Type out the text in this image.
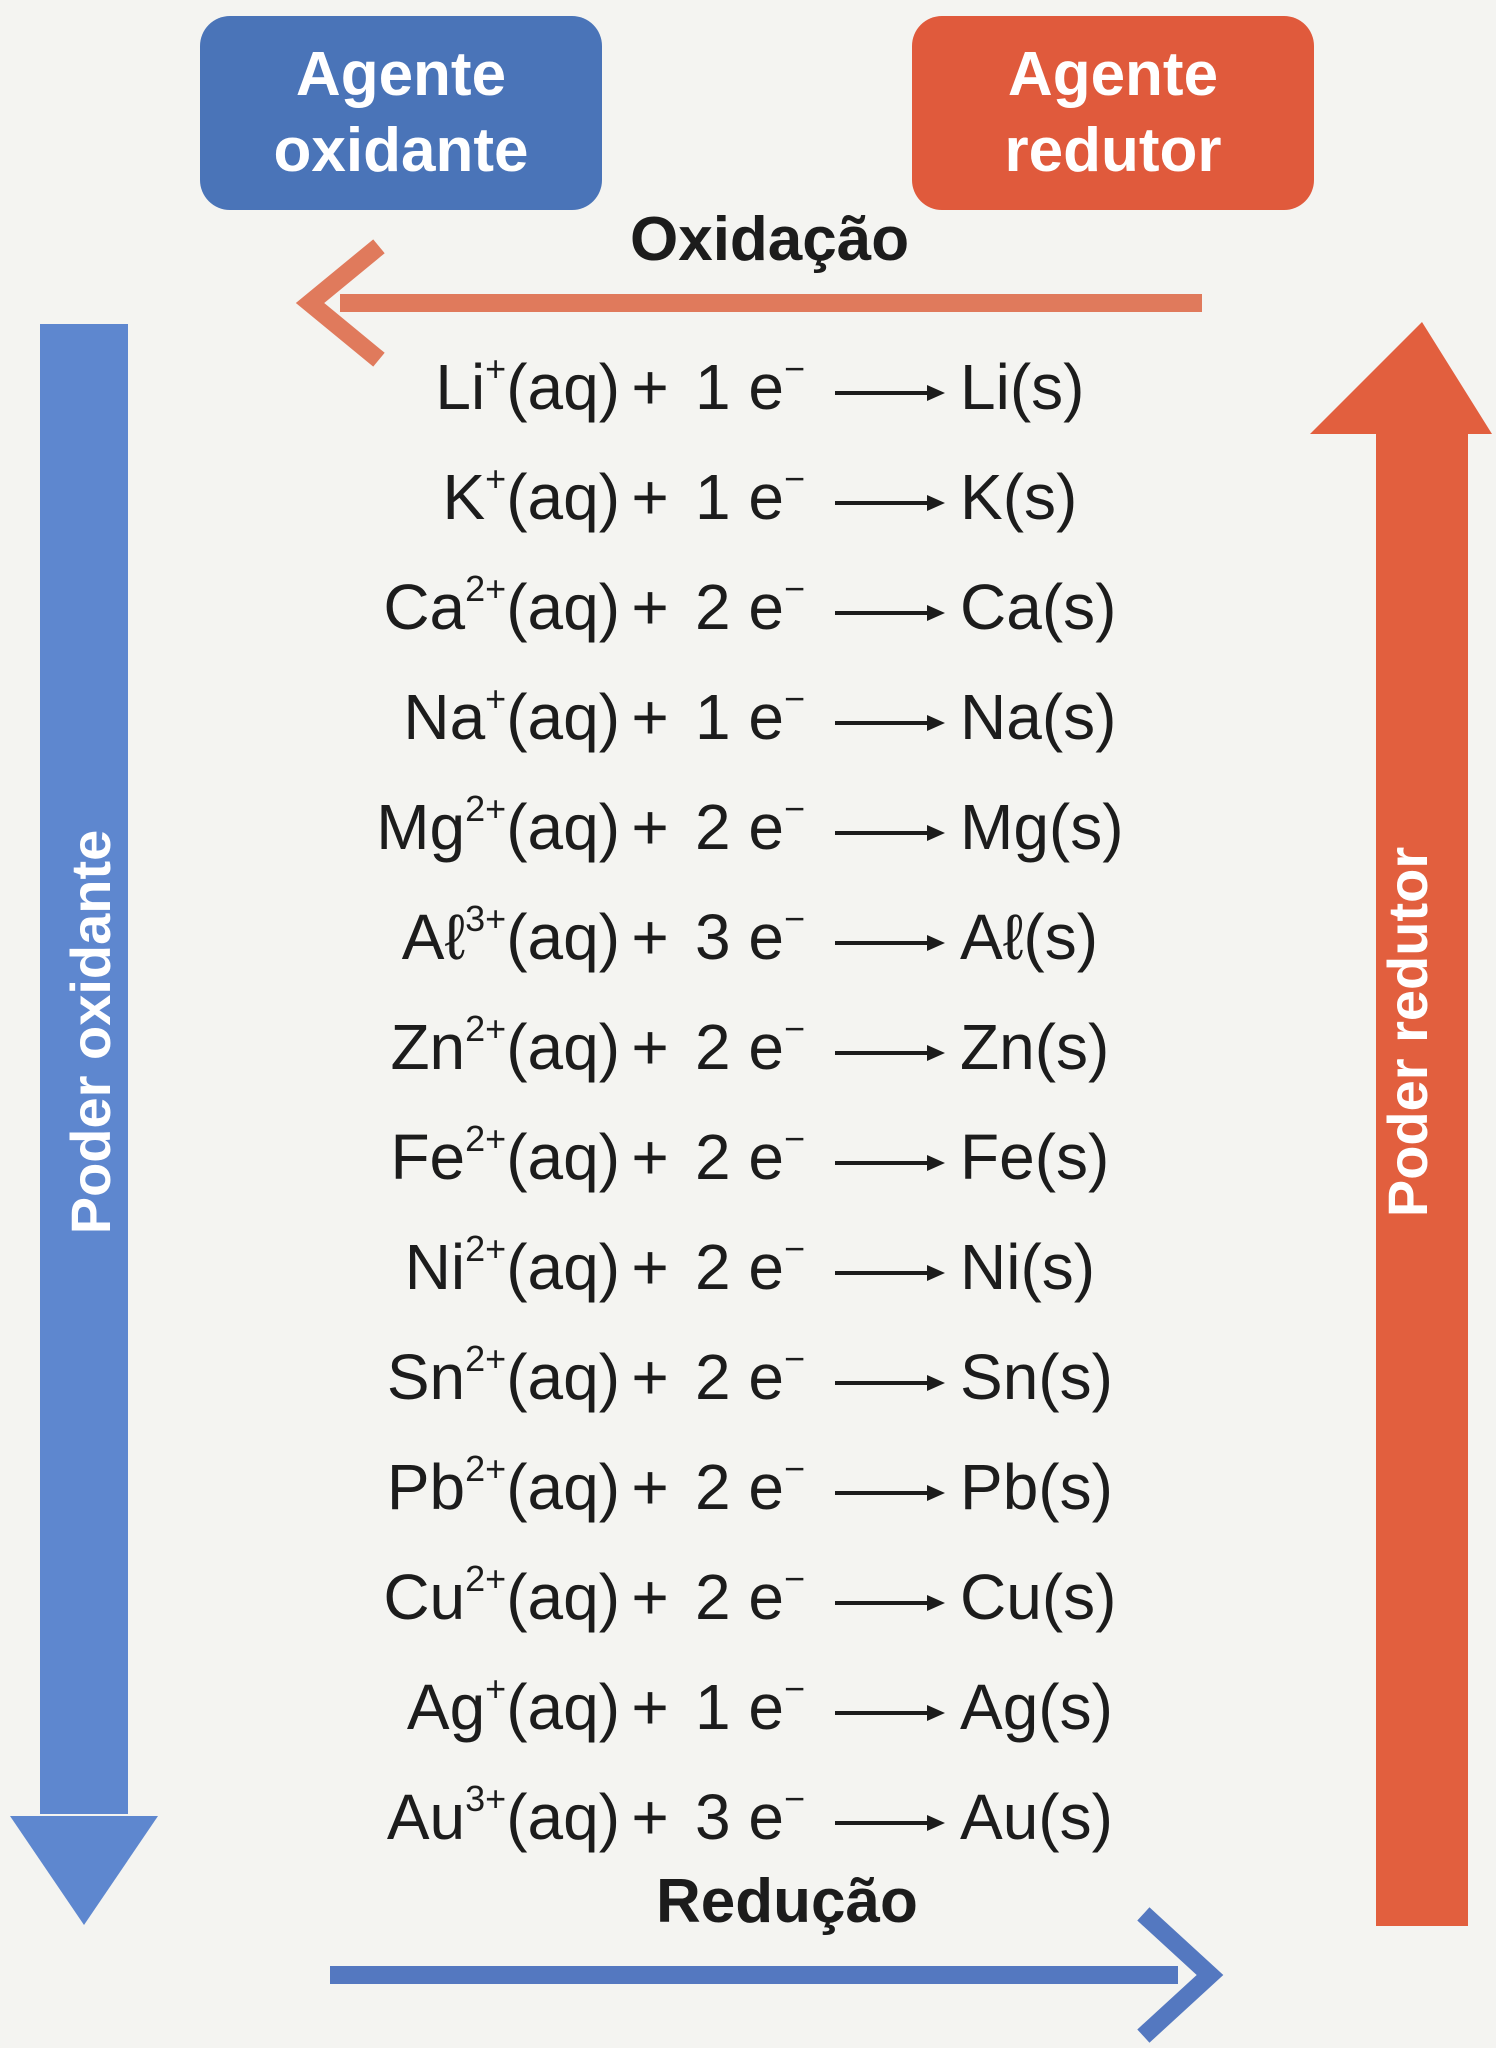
Agente
oxidante
Agente
redutor
Oxidação
Redução
Poder oxidante	Poder redutor
Li+(aq) + 1 e− Li(s)
K+(aq) + 1 e− K(s)
$Ca^{2+}(aq) + 2$ e− Ca(s)
Na+(aq) + 1 e− Na(s)
$Mg^{2+}(aq) + 2$ e− Mg(s)
Aℓ$^{3+}$(aq) + 3 e− Aℓ(s)
$Zn^{2+}(aq) + 2$ e− Zn(s)
$Fe^{2+}(aq) + 2$ e− Fe(s)
$Ni^{2+}(aq) + 2$ e− Ni(s)
$Sn^{2+}(aq) + 2$ e− Sn(s)
$Pb^{2+}(aq) + 2$ e− Pb(s)
$Cu^{2+}(aq) + 2$ e− Cu(s)
Ag+(aq) + 1 e− Ag(s)
$Au^{3+}(aq) + 3$ e− Au(s)
